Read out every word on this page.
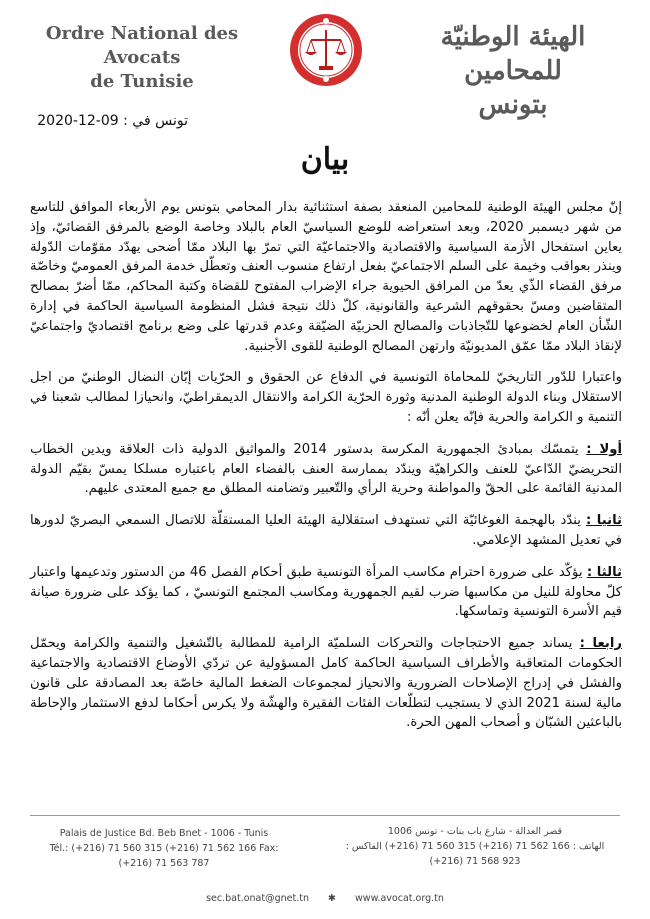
Ordre National des Avocats
de Tunisie
الهيئة الوطنيّة للمحامين
بتونس
تونس في : 09-12-2020
بيان

إنّ مجلس الهيئة الوطنية للمحامين المنعقد بصفة استثنائية بدار المحامي بتونس يوم الأربعاء الموافق للتاسع من شهر ديسمبر 2020، وبعد استعراضه للوضع السياسيّ العام بالبلاد وخاصة الوضع بالمرفق القضائيّ، وإذ يعاين استفحال الأزمة السياسية والاقتصادية والاجتماعيّة التي تمرّ بها البلاد ممّا أضحى يهدّد مقوّمات الدّولة وينذر بعواقب وخيمة على السلم الاجتماعيّ بفعل ارتفاع منسوب العنف وتعطّل خدمة المرفق العموميّ وخاصّة مرفق القضاء الذّي يعدّ من المرافق الحيوية جراء الإضراب المفتوح للقضاة وكتبة المحاكم، ممّا أضرّ بمصالح المتقاضين ومسّ بحقوقهم الشرعية والقانونية، كلّ ذلك نتيجة فشل المنظومة السياسية الحاكمة في إدارة الشّأن العام لخضوعها للتّجاذبات والمصالح الحزبيّة الضيّقة وعدم قدرتها على وضع برنامج اقتصاديّ واجتماعيّ لإنقاذ البلاد ممّا عمّق المديونيّة وارتهن المصالح الوطنية للقوى الأجنبية.

واعتبارا للدّور التاريخيّ للمحاماة التونسية في الدفاع عن الحقوق و الحرّيات إبّان النضال الوطنيّ من اجل الاستقلال وبناء الدولة الوطنية المدنية وثورة الحرّية الكرامة والانتقال الديمقراطيّ، وانحيازا لمطالب شعبنا في التنمية و الكرامة والحرية فإنّه يعلن أنّه :

أولا : يتمسّك بمبادئ الجمهورية المكرسة بدستور 2014 والمواثيق الدولية ذات العلاقة ويدين الخطاب التحريضيّ الدّاعيّ للعنف والكراهيّة ويندّد بممارسة العنف بالفضاء العام باعتباره مسلكا يمسّ بقيّم الدولة المدنية القائمة على الحقّ والمواطنة وحرية الرأي والتّعبير وتضامنه المطلق مع جميع المعتدى عليهم.

ثانيا : يندّد بالهجمة الغوغائيّة التي تستهدف استقلالية الهيئة العليا المستقلّة للاتصال السمعي البصريّ لدورها في تعديل المشهد الإعلامي.

ثالثا : يؤكّد على ضرورة احترام مكاسب المرأة التونسية طبق أحكام الفصل 46 من الدستور وتدعيمها واعتبار كلّ محاولة للنيل من مكاسبها ضرب لقيم الجمهورية ومكاسب المجتمع التونسيّ ، كما يؤكد على ضرورة صيانة قيم الأسرة التونسية وتماسكها.

رابعا : يساند جميع الاحتجاجات والتحركات السلميّة الرامية للمطالبة بالتّشغيل والتنمية والكرامة ويحمّل الحكومات المتعاقبة والأطراف السياسية الحاكمة كامل المسؤولية عن تردّي الأوضاع الاقتصادية والاجتماعية والفشل في إدراج الإصلاحات الضرورية والانحياز لمجموعات الضغط المالية خاصّة بعد المصادقة على قانون مالية لسنة 2021 الذي لا يستجيب لتطلّعات الفئات الفقيرة والهشّة ولا يكرس أحكاما لدفع الاستثمار والإحاطة بالباعثين الشبّان و أصحاب المهن الحرة.

Palais de Justice Bd. Beb Bnet - 1006 - Tunis
Tél.: (+216) 71 560 315 (+216) 71 562 166 Fax: (+216) 71 563 787
قصر العدالة - شارع باب بنات - تونس 1006
الهاتف : 166 562 71 (216+) 315 560 71 (216+) الفاكس : 923 568 71 (216+)
sec.bat.onat@gnet.tn ✱ www.avocat.org.tn
